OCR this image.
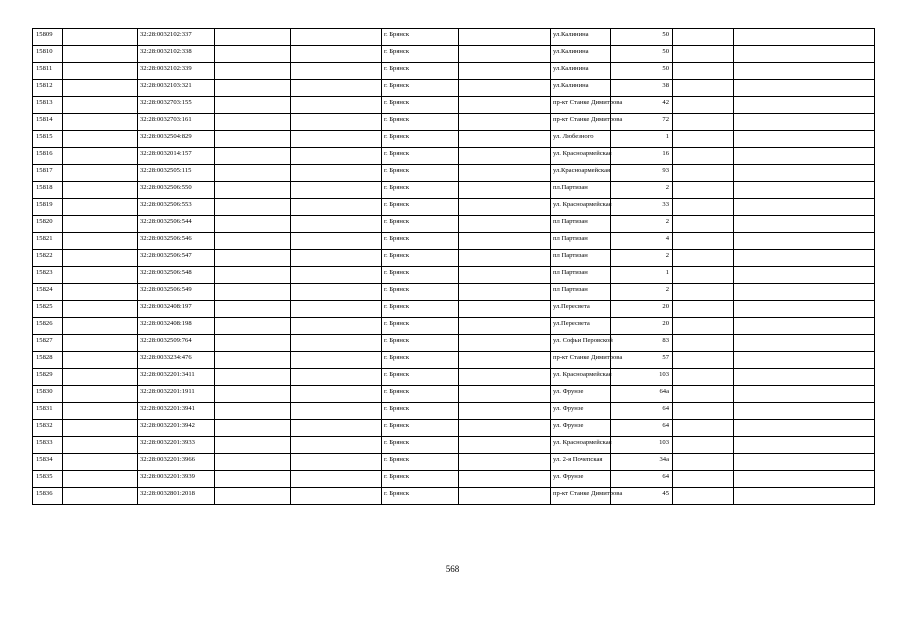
15809		32:28:0032102:337			г. Брянск		ул.Калинина	50		
15810		32:28:0032102:338			г. Брянск		ул.Калинина	50		
15811		32:28:0032102:339			г. Брянск		ул.Калинина	50		
15812		32:28:0032103:321			г. Брянск		ул.Калинина	38		
15813		32:28:0032703:155			г. Брянск		пр-кт Станке Димитрова	42		
15814		32:28:0032703:161			г. Брянск		пр-кт Станке Димитрова	72		
15815		32:28:0032504:829			г. Брянск		ул. Любезного	1		
15816		32:28:0032014:157			г. Брянск		ул. Красноармейская	16		
15817		32:28:0032505:115			г. Брянск		ул.Красноармейская	93		
15818		32:28:0032506:550			г. Брянск		пл.Партизан	2		
15819		32:28:0032506:553			г. Брянск		ул. Красноармейская	33		
15820		32:28:0032506:544			г. Брянск		пл Партизан	2		
15821		32:28:0032506:546			г. Брянск		пл Партизан	4		
15822		32:28:0032506:547			г. Брянск		пл Партизан	2		
15823		32:28:0032506:548			г. Брянск		пл Партизан	1		
15824		32:28:0032506:549			г. Брянск		пл Партизан	2		
15825		32:28:0032408:197			г. Брянск		ул.Пересвета	20		
15826		32:28:0032408:198			г. Брянск		ул.Пересвета	20		
15827		32:28:0032509:764			г. Брянск		ул. Софьи Перовской	83		
15828		32:28:0033234:476			г. Брянск		пр-кт Станке Димитрова	57		
15829		32:28:0032201:3411			г. Брянск		ул. Красноармейская	103		
15830		32:28:0032201:1911			г. Брянск		ул. Фрунзе	64а		
15831		32:28:0032201:3941			г. Брянск		ул. Фрунзе	64		
15832		32:28:0032201:3942			г. Брянск		ул. Фрунзе	64		
15833		32:28:0032201:3933			г. Брянск		ул. Красноармейская	103		
15834		32:28:0032201:3966			г. Брянск		ул. 2-я Почепская	34а		
15835		32:28:0032201:3939			г. Брянск		ул. Фрунзе	64		
15836		32:28:0032801:2018			г. Брянск		пр-кт Станке Димитрова	45		
568
